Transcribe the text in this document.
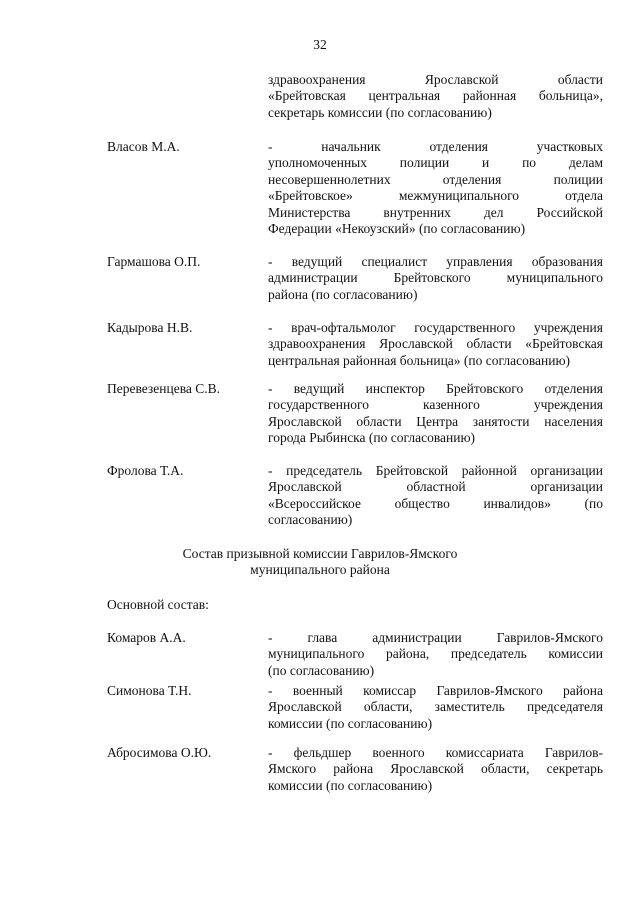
32
здравоохранения Ярославской области
«Брейтовская центральная районная больница»,
секретарь комиссии (по согласованию)
Власов М.А.	- начальник отделения участковых
уполномоченных полиции и по делам
несовершеннолетних отделения полиции
«Брейтовское» межмуниципального отдела
Министерства внутренних дел Российской
Федерации «Некоузский» (по согласованию)
Гармашова О.П.	- ведущий специалист управления образования
администрации Брейтовского муниципального
района (по согласованию)
Кадырова Н.В.	- врач-офтальмолог государственного учреждения
здравоохранения Ярославской области «Брейтовская
центральная районная больница» (по согласованию)
Перевезенцева С.В.	- ведущий инспектор Брейтовского отделения
государственного казенного учреждения
Ярославской области Центра занятости населения
города Рыбинска (по согласованию)
Фролова Т.А.	- председатель Брейтовской районной организации
Ярославской областной организации
«Всероссийское общество инвалидов» (по
согласованию)
Состав призывной комиссии Гаврилов-Ямского
муниципального района
Основной состав:
Комаров А.А.	- глава администрации Гаврилов-Ямского
муниципального района, председатель комиссии
(по согласованию)
Симонова Т.Н.	- военный комиссар Гаврилов-Ямского района
Ярославской области, заместитель председателя
комиссии (по согласованию)
Абросимова О.Ю.	- фельдшер военного комиссариата Гаврилов-
Ямского района Ярославской области, секретарь
комиссии (по согласованию)
